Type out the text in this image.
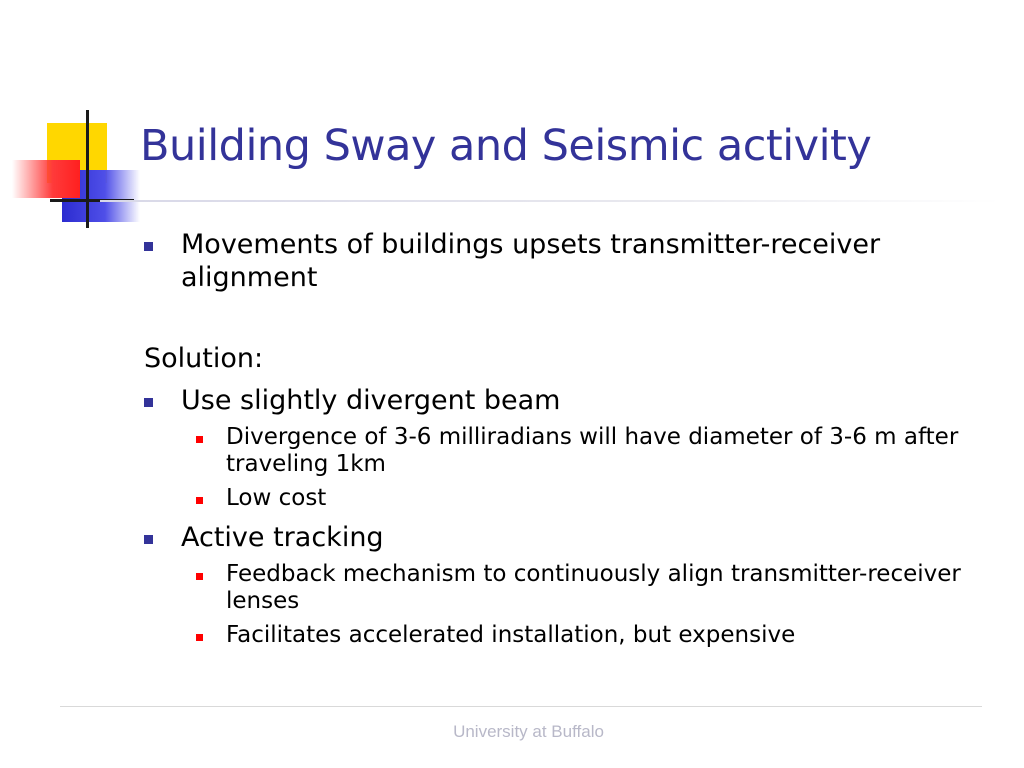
Building Sway and Seismic activity
Movements of buildings upsets transmitter-receiver alignment
Solution:
Use slightly divergent beam
Divergence of 3-6 milliradians will have diameter of 3-6 m after traveling 1km
Low cost
Active tracking
Feedback mechanism to continuously align transmitter-receiver lenses
Facilitates accelerated installation, but expensive
University at Buffalo
